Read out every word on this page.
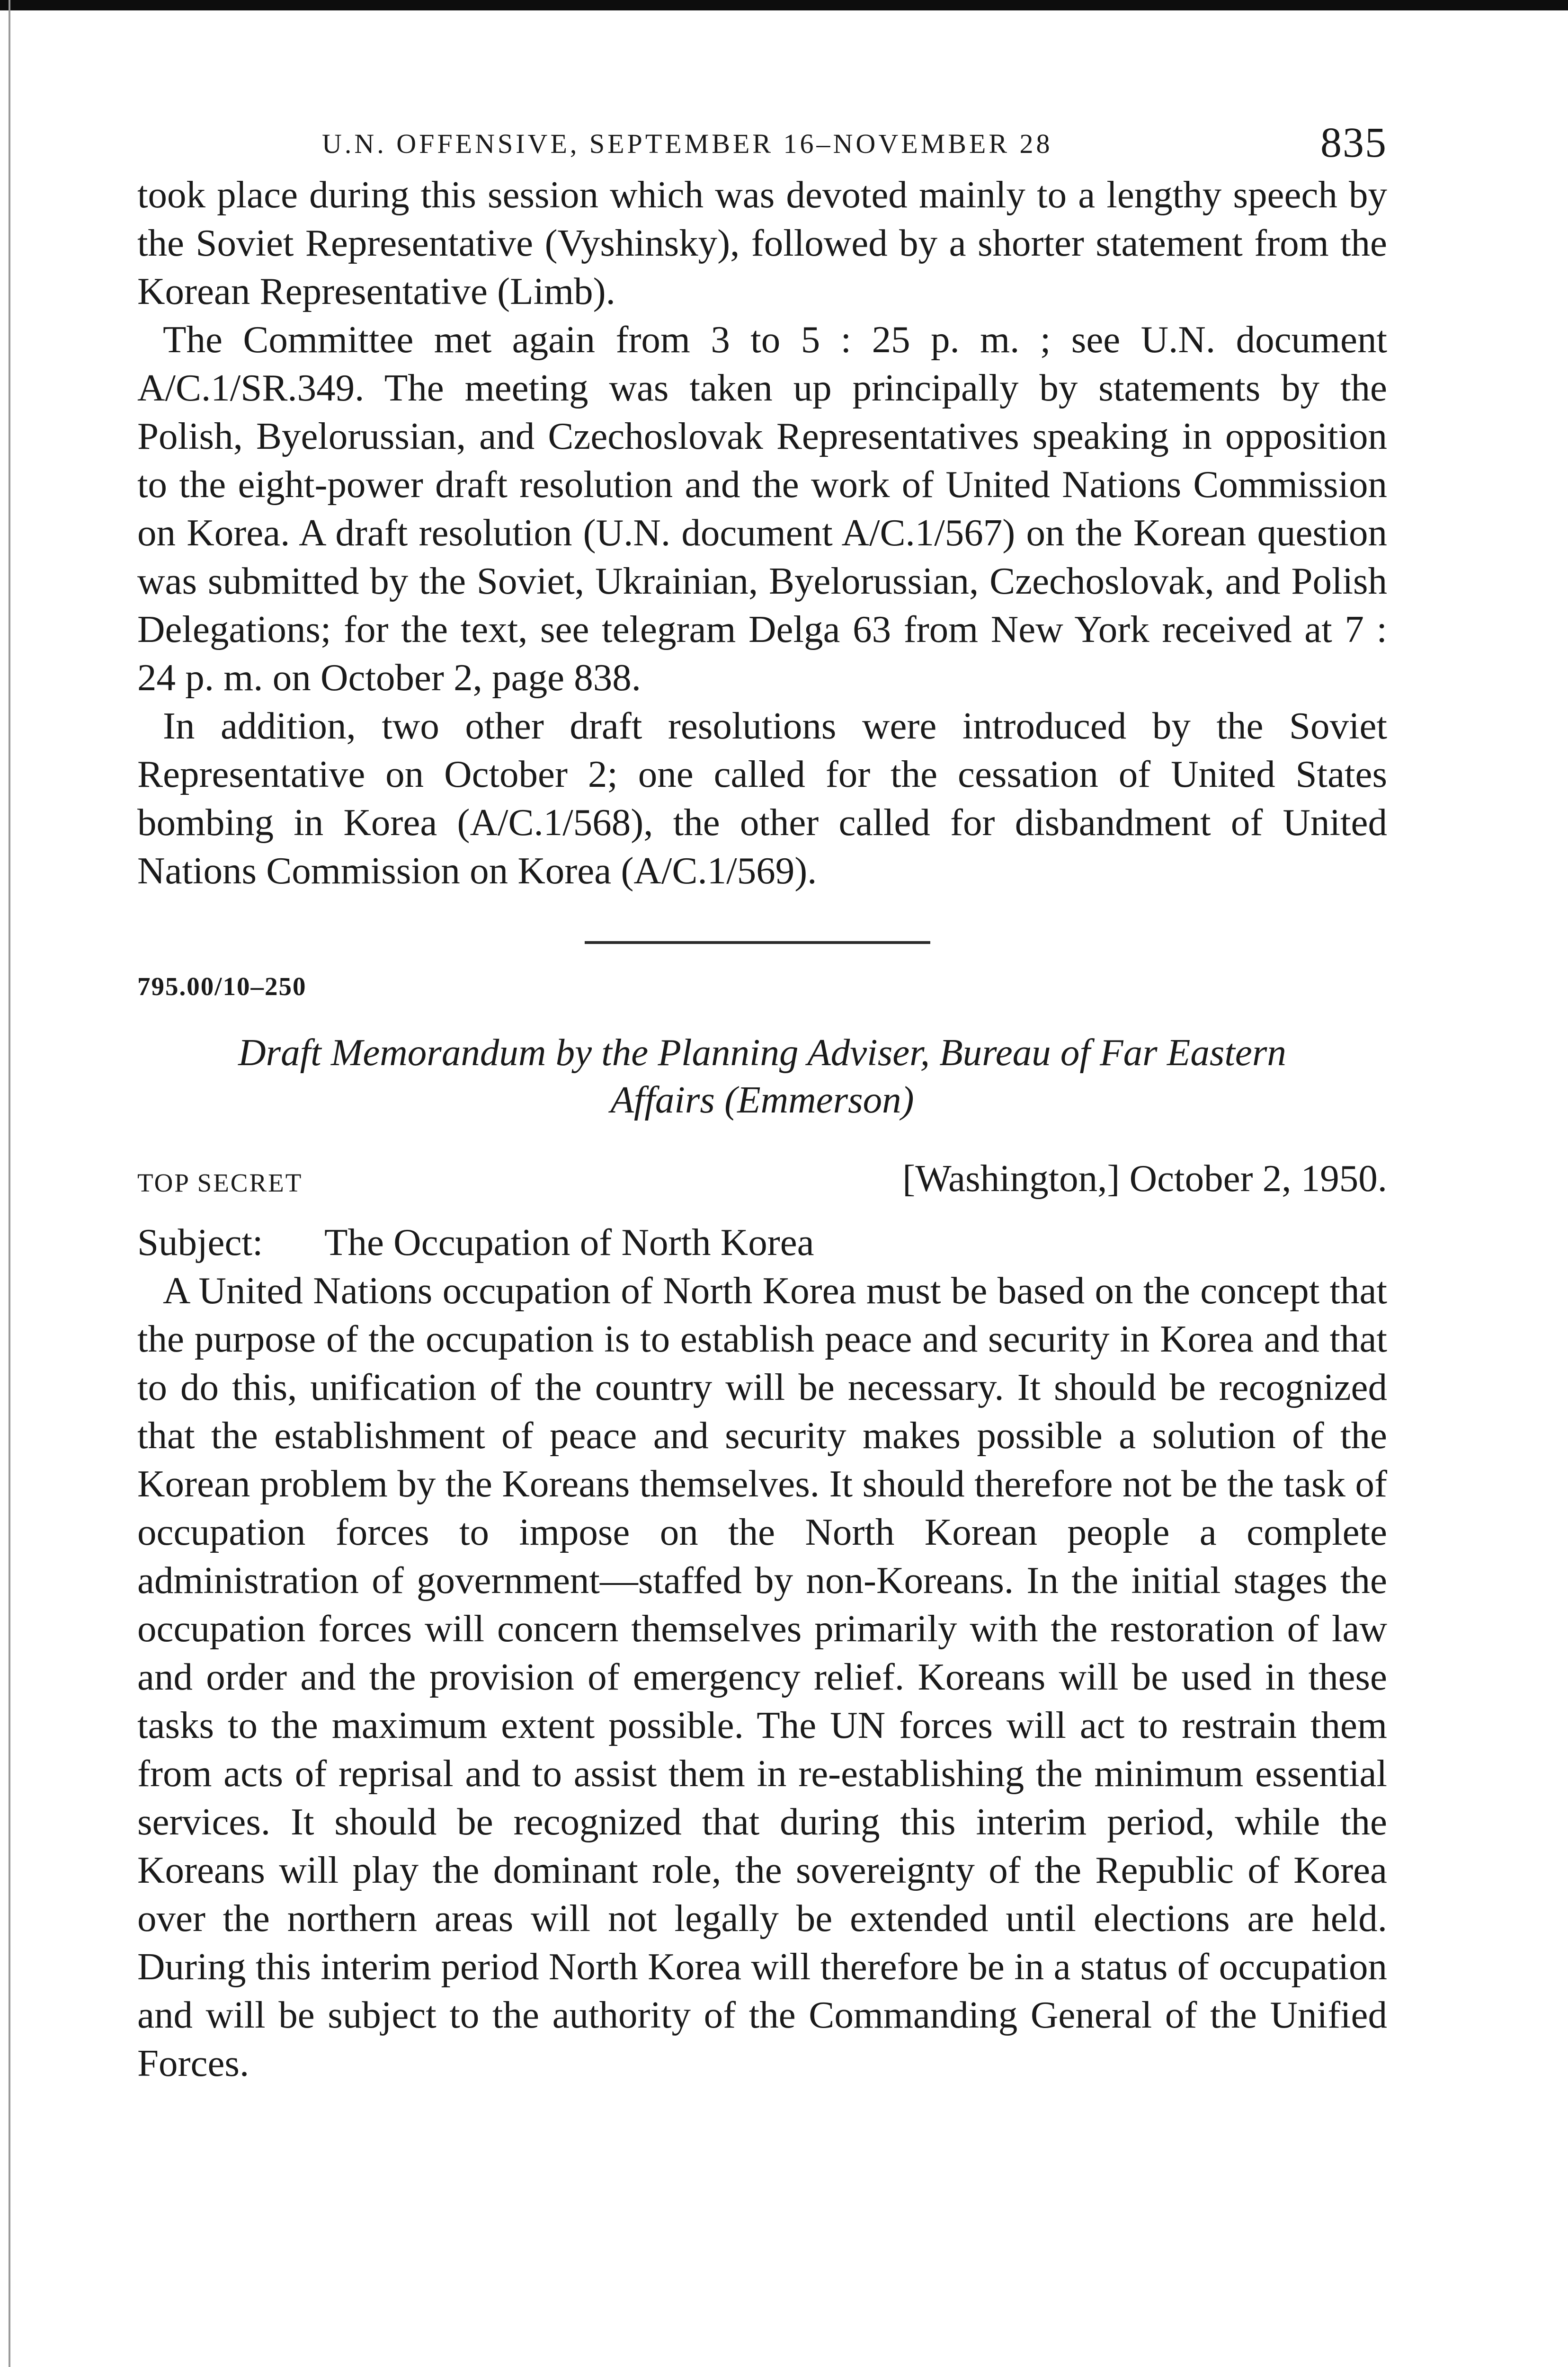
U.N. OFFENSIVE, SEPTEMBER 16–NOVEMBER 28	835

took place during this session which was devoted mainly to a lengthy speech by the Soviet Representative (Vyshinsky), followed by a shorter statement from the Korean Representative (Limb).

The Committee met again from 3 to 5 : 25 p. m. ; see U.N. document A/C.1/SR.349. The meeting was taken up principally by statements by the Polish, Byelorussian, and Czechoslovak Representatives speaking in opposition to the eight-power draft resolution and the work of United Nations Commission on Korea. A draft resolution (U.N. document A/C.1/567) on the Korean question was submitted by the Soviet, Ukrainian, Byelorussian, Czechoslovak, and Polish Delegations; for the text, see telegram Delga 63 from New York received at 7 : 24 p. m. on October 2, page 838.

In addition, two other draft resolutions were introduced by the Soviet Representative on October 2; one called for the cessation of United States bombing in Korea (A/C.1/568), the other called for disbandment of United Nations Commission on Korea (A/C.1/569).

795.00/10–250
Draft Memorandum by the Planning Adviser, Bureau of Far Eastern
Affairs (Emmerson)
TOP SECRET	[Washington,] October 2, 1950.
Subject: The Occupation of North Korea

A United Nations occupation of North Korea must be based on the concept that the purpose of the occupation is to establish peace and security in Korea and that to do this, unification of the country will be necessary. It should be recognized that the establishment of peace and security makes possible a solution of the Korean problem by the Koreans themselves. It should therefore not be the task of occupation forces to impose on the North Korean people a complete administration of government—staffed by non-Koreans. In the initial stages the occupation forces will concern themselves primarily with the restoration of law and order and the provision of emergency relief. Koreans will be used in these tasks to the maximum extent possible. The UN forces will act to restrain them from acts of reprisal and to assist them in re-establishing the minimum essential services. It should be recognized that during this interim period, while the Koreans will play the dominant role, the sovereignty of the Republic of Korea over the northern areas will not legally be extended until elections are held. During this interim period North Korea will therefore be in a status of occupation and will be subject to the authority of the Commanding General of the Unified Forces.
